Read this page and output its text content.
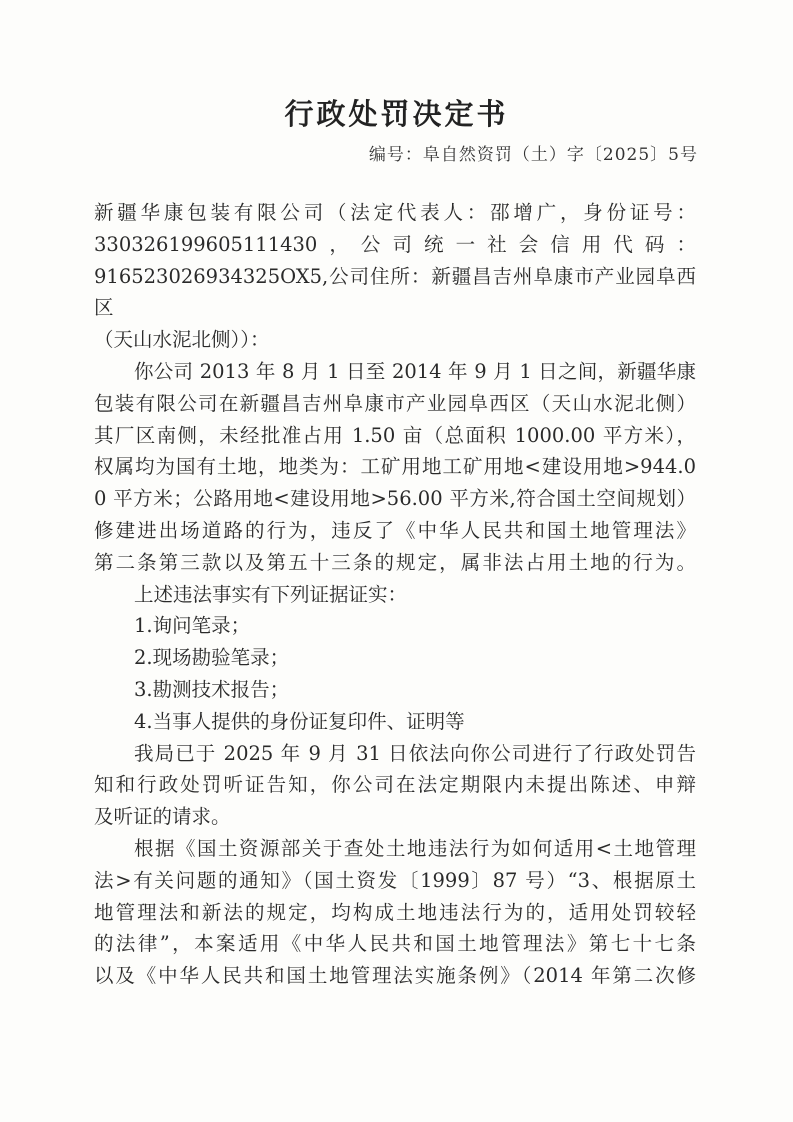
行政处罚决定书
编号：阜自然资罚（土）字〔2025〕5号

新疆华康包装有限公司（法定代表人：邵增广，身份证号：
330326199605111430，公司统一社会信用代码：
916523026934325OX5,公司住所：新疆昌吉州阜康市产业园阜西区
（天山水泥北侧））：

你公司 2013 年 8 月 1 日至 2014 年 9 月 1 日之间，新疆华康
包装有限公司在新疆昌吉州阜康市产业园阜西区（天山水泥北侧）
其厂区南侧，未经批准占用 1.50 亩（总面积 1000.00 平方米），
权属均为国有土地，地类为：工矿用地工矿用地<建设用地>944.0
0 平方米；公路用地<建设用地>56.00 平方米,符合国土空间规划）
修建进出场道路的行为，违反了《中华人民共和国土地管理法》
第二条第三款以及第五十三条的规定，属非法占用土地的行为。

上述违法事实有下列证据证实：

1.询问笔录；
2.现场勘验笔录；
3.勘测技术报告；
4.当事人提供的身份证复印件、证明等

我局已于 2025 年 9 月 31 日依法向你公司进行了行政处罚告
知和行政处罚听证告知，你公司在法定期限内未提出陈述、申辩
及听证的请求。

根据《国土资源部关于查处土地违法行为如何适用<土地管理
法>有关问题的通知》（国土资发〔1999〕87 号）“3、根据原土
地管理法和新法的规定，均构成土地违法行为的，适用处罚较轻
的法律”，本案适用《中华人民共和国土地管理法》第七十七条
以及《中华人民共和国土地管理法实施条例》（2014 年第二次修
